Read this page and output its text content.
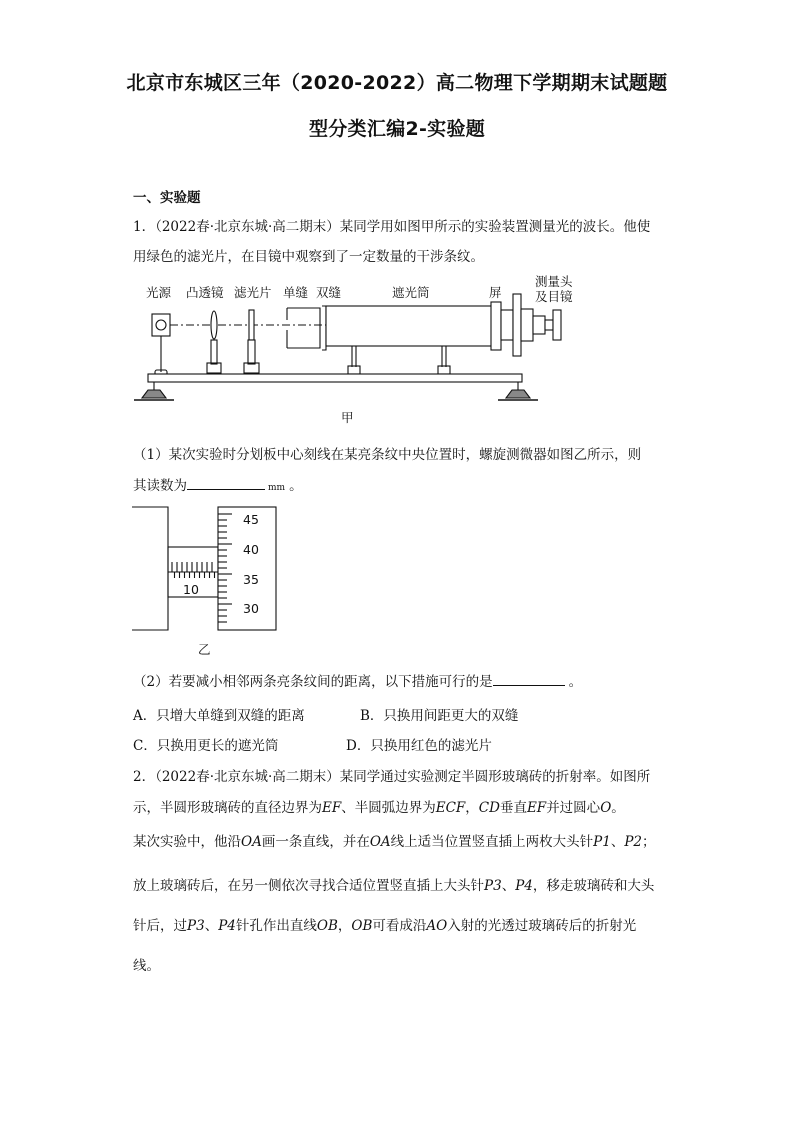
北京市东城区三年（2020-2022）高二物理下学期期末试题题
型分类汇编2-实验题
一、实验题
1．（2022春·北京东城·高二期末）某同学用如图甲所示的实验装置测量光的波长。他使
用绿色的滤光片，在目镜中观察到了一定数量的干涉条纹。
光源 凸透镜 滤光片 单缝 双缝	遮光筒	屏
测量头
及目镜
甲
（1）某次实验时分划板中心刻线在某亮条纹中央位置时，螺旋测微器如图乙所示，则
其读数为	mm 。
10
45
40
35
30
乙
（2）若要减小相邻两条亮条纹间的距离，以下措施可行的是	。
A．只增大单缝到双缝的距离	B．只换用间距更大的双缝
C．只换用更长的遮光筒	D．只换用红色的滤光片
2．（2022春·北京东城·高二期末）某同学通过实验测定半圆形玻璃砖的折射率。如图所
示，半圆形玻璃砖的直径边界为EF、半圆弧边界为ECF，CD垂直EF并过圆心O。
某次实验中，他沿OA画一条直线，并在OA线上适当位置竖直插上两枚大头针P1、P2；
放上玻璃砖后，在另一侧依次寻找合适位置竖直插上大头针P3、P4，移走玻璃砖和大头
针后，过P3、P4针孔作出直线OB，OB可看成沿AO入射的光透过玻璃砖后的折射光
线。
